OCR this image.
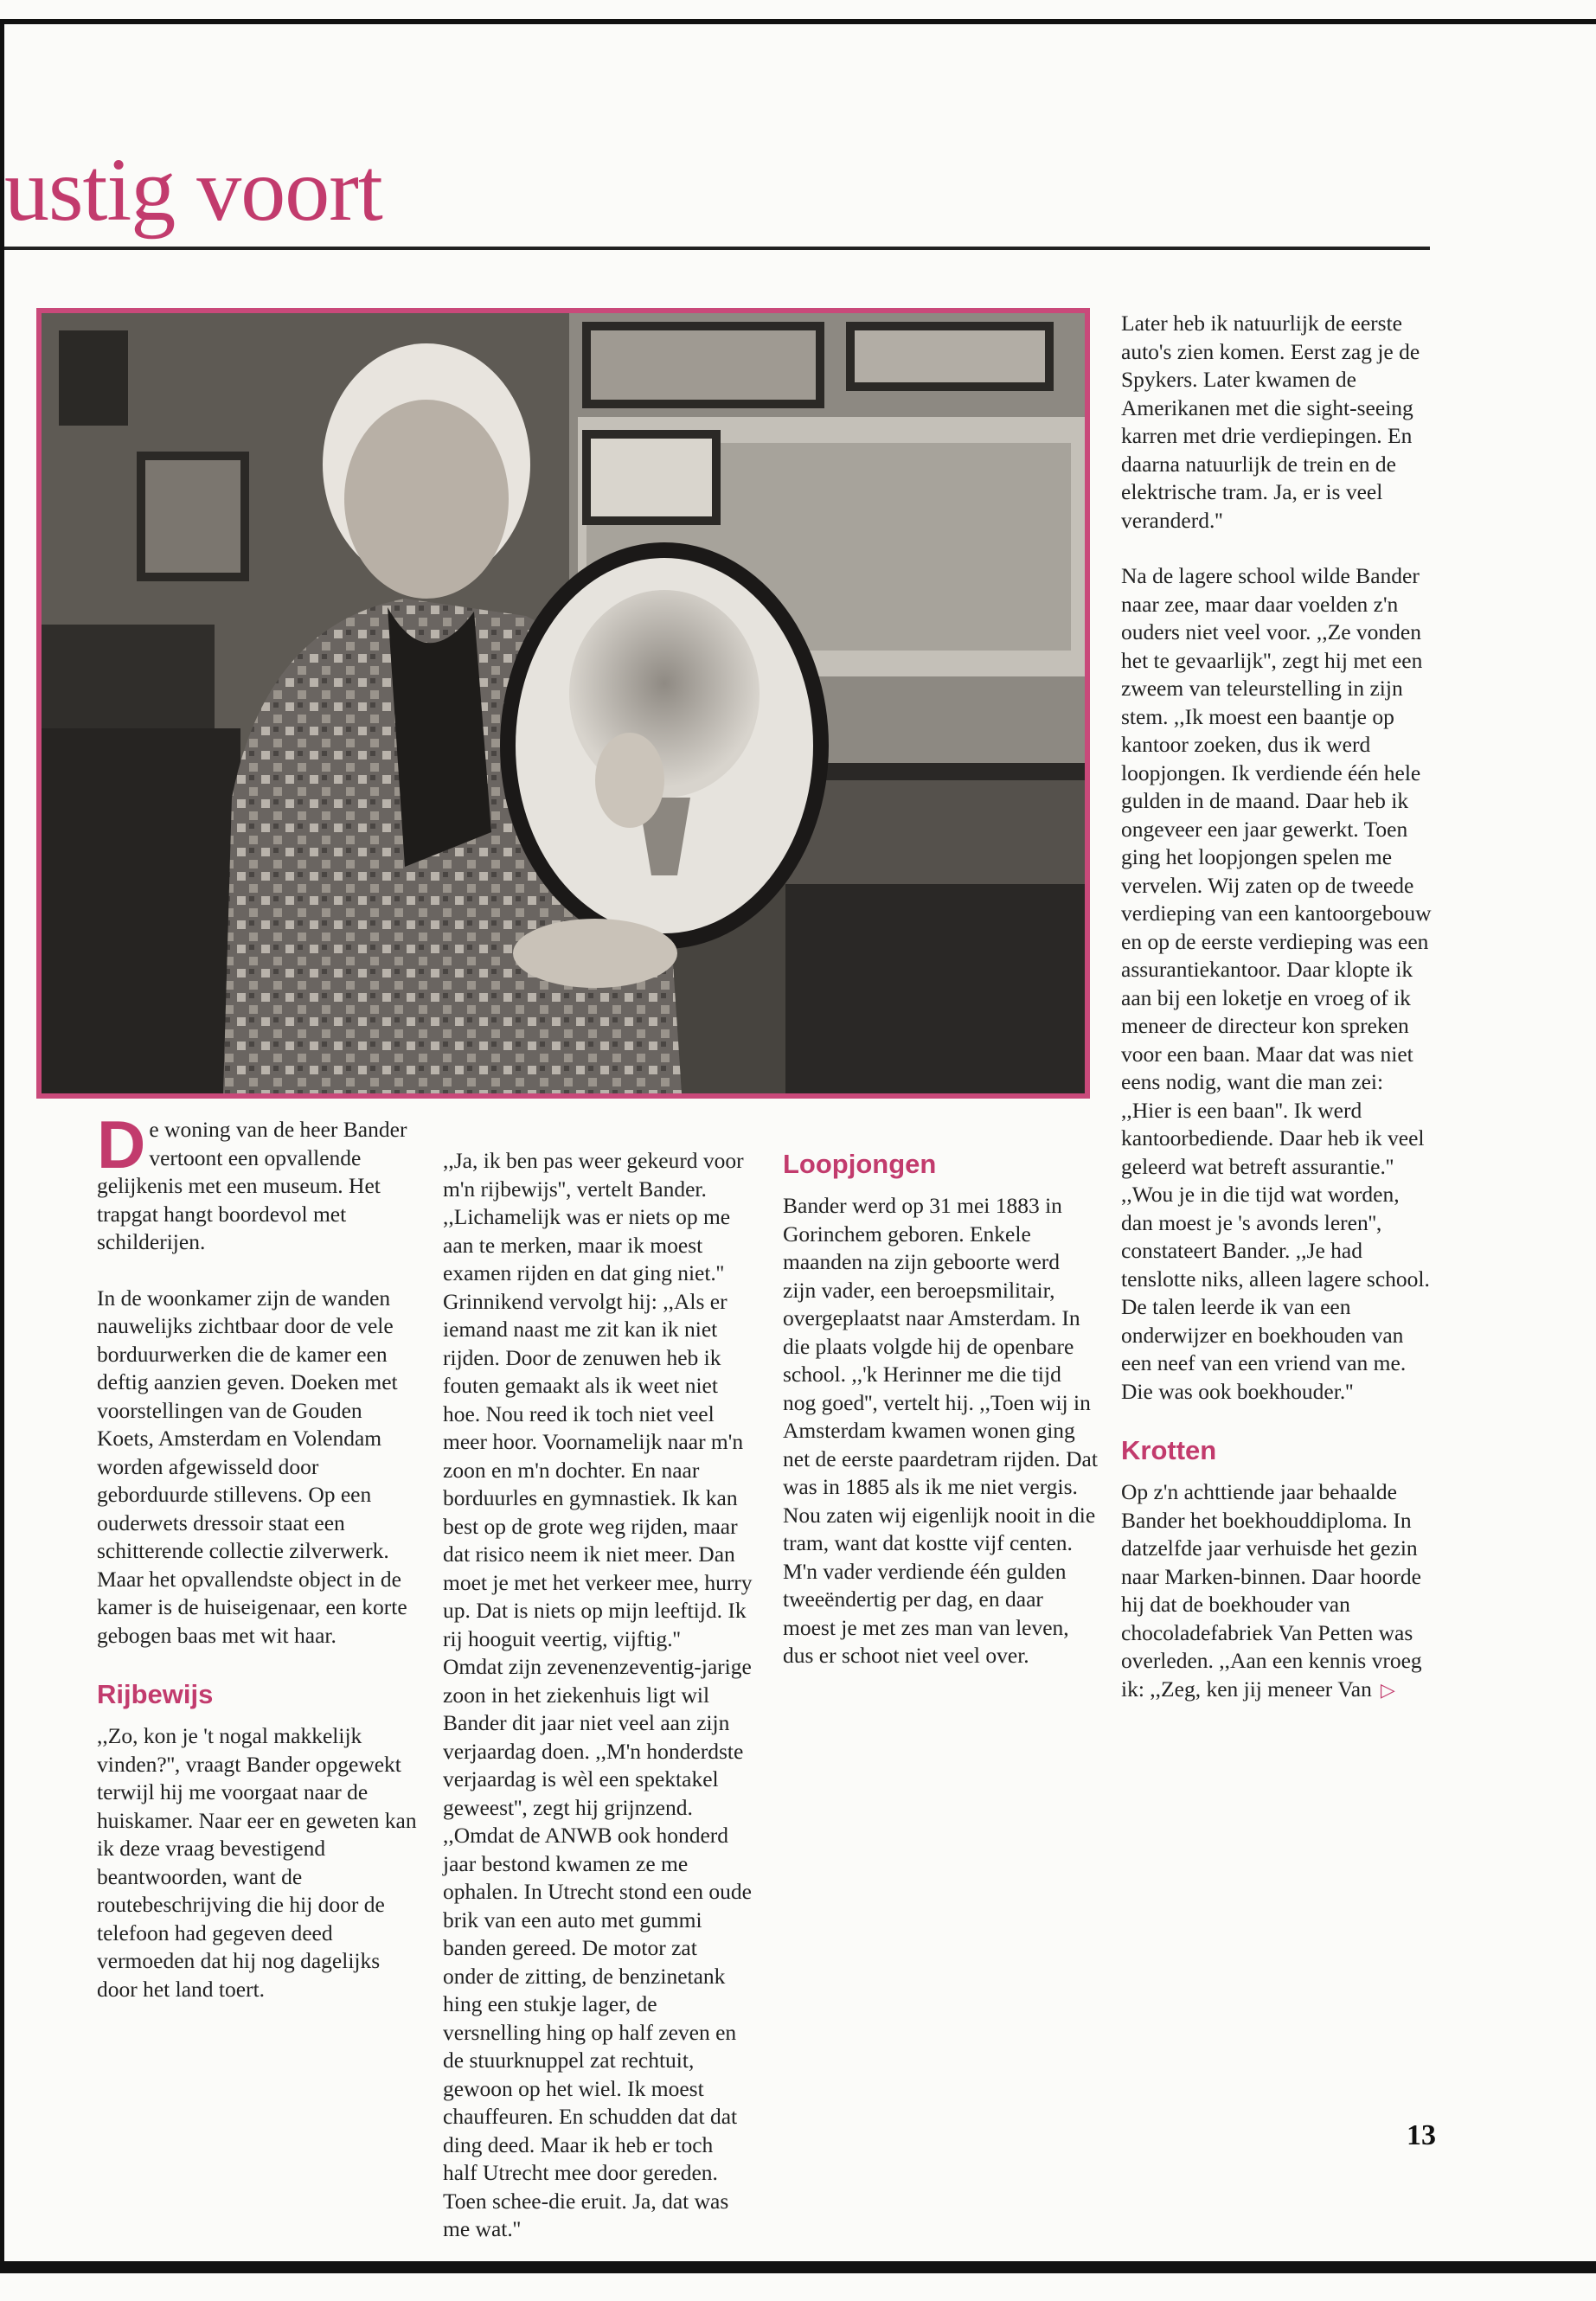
ustig voort

De woning van de heer Bander vertoont een opvallende gelijkenis met een museum. Het trapgat hangt boordevol met schilderijen.

In de woonkamer zijn de wanden nauwelijks zichtbaar door de vele borduurwerken die de kamer een deftig aanzien geven. Doeken met voorstellingen van de Gouden Koets, Amsterdam en Volendam worden afgewisseld door geborduurde stillevens. Op een ouderwets dressoir staat een schitterende collectie zilverwerk. Maar het opvallendste object in de kamer is de huiseigenaar, een korte gebogen baas met wit haar.

Rijbewijs

,,Zo, kon je 't nogal makkelijk vinden?'', vraagt Bander opgewekt terwijl hij me voorgaat naar de huiskamer. Naar eer en geweten kan ik deze vraag bevestigend beantwoorden, want de routebeschrijving die hij door de telefoon had gegeven deed vermoeden dat hij nog dagelijks door het land toert.

,,Ja, ik ben pas weer gekeurd voor m'n rijbewijs'', vertelt Bander. ,,Lichamelijk was er niets op me aan te merken, maar ik moest examen rijden en dat ging niet.'' Grinnikend vervolgt hij: ,,Als er iemand naast me zit kan ik niet rijden. Door de zenuwen heb ik fouten gemaakt als ik weet niet hoe. Nou reed ik toch niet veel meer hoor. Voornamelijk naar m'n zoon en m'n dochter. En naar borduurles en gymnastiek. Ik kan best op de grote weg rijden, maar dat risico neem ik niet meer. Dan moet je met het verkeer mee, hurry up. Dat is niets op mijn leeftijd. Ik rij hooguit veertig, vijftig.''

Omdat zijn zevenenzeventig-jarige zoon in het ziekenhuis ligt wil Bander dit jaar niet veel aan zijn verjaardag doen. ,,M'n honderdste verjaardag is wèl een spektakel geweest'', zegt hij grijnzend. ,,Omdat de ANWB ook honderd jaar bestond kwamen ze me ophalen. In Utrecht stond een oude brik van een auto met gummi banden gereed. De motor zat onder de zitting, de benzinetank hing een stukje lager, de versnelling hing op half zeven en de stuurknuppel zat rechtuit, gewoon op het wiel. Ik moest chauffeuren. En schudden dat dat ding deed. Maar ik heb er toch half Utrecht mee door gereden. Toen schee-die eruit. Ja, dat was me wat.''

Loopjongen

Bander werd op 31 mei 1883 in Gorinchem geboren. Enkele maanden na zijn geboorte werd zijn vader, een beroepsmilitair, overgeplaatst naar Amsterdam. In die plaats volgde hij de openbare school. ,,'k Herinner me die tijd nog goed'', vertelt hij. ,,Toen wij in Amsterdam kwamen wonen ging net de eerste paardetram rijden. Dat was in 1885 als ik me niet vergis. Nou zaten wij eigenlijk nooit in die tram, want dat kostte vijf centen. M'n vader verdiende één gulden tweeëndertig per dag, en daar moest je met zes man van leven, dus er schoot niet veel over.

Later heb ik natuurlijk de eerste auto's zien komen. Eerst zag je de Spykers. Later kwamen de Amerikanen met die sight-seeing karren met drie verdiepingen. En daarna natuurlijk de trein en de elektrische tram. Ja, er is veel veranderd.''

Na de lagere school wilde Bander naar zee, maar daar voelden z'n ouders niet veel voor. ,,Ze vonden het te gevaarlijk'', zegt hij met een zweem van teleurstelling in zijn stem. ,,Ik moest een baantje op kantoor zoeken, dus ik werd loopjongen. Ik verdiende één hele gulden in de maand. Daar heb ik ongeveer een jaar gewerkt. Toen ging het loopjongen spelen me vervelen. Wij zaten op de tweede verdieping van een kantoorgebouw en op de eerste verdieping was een assurantiekantoor. Daar klopte ik aan bij een loketje en vroeg of ik meneer de directeur kon spreken voor een baan. Maar dat was niet eens nodig, want die man zei: ,,Hier is een baan''. Ik werd kantoorbediende. Daar heb ik veel geleerd wat betreft assurantie.''

,,Wou je in die tijd wat worden, dan moest je 's avonds leren'', constateert Bander. ,,Je had tenslotte niks, alleen lagere school. De talen leerde ik van een onderwijzer en boekhouden van een neef van een vriend van me. Die was ook boekhouder.''

Krotten

Op z'n achttiende jaar behaalde Bander het boekhouddiploma. In datzelfde jaar verhuisde het gezin naar Marken-binnen. Daar hoorde hij dat de boekhouder van chocoladefabriek Van Petten was overleden. ,,Aan een kennis vroeg ik: ,,Zeg, ken jij meneer Van ▷

13
